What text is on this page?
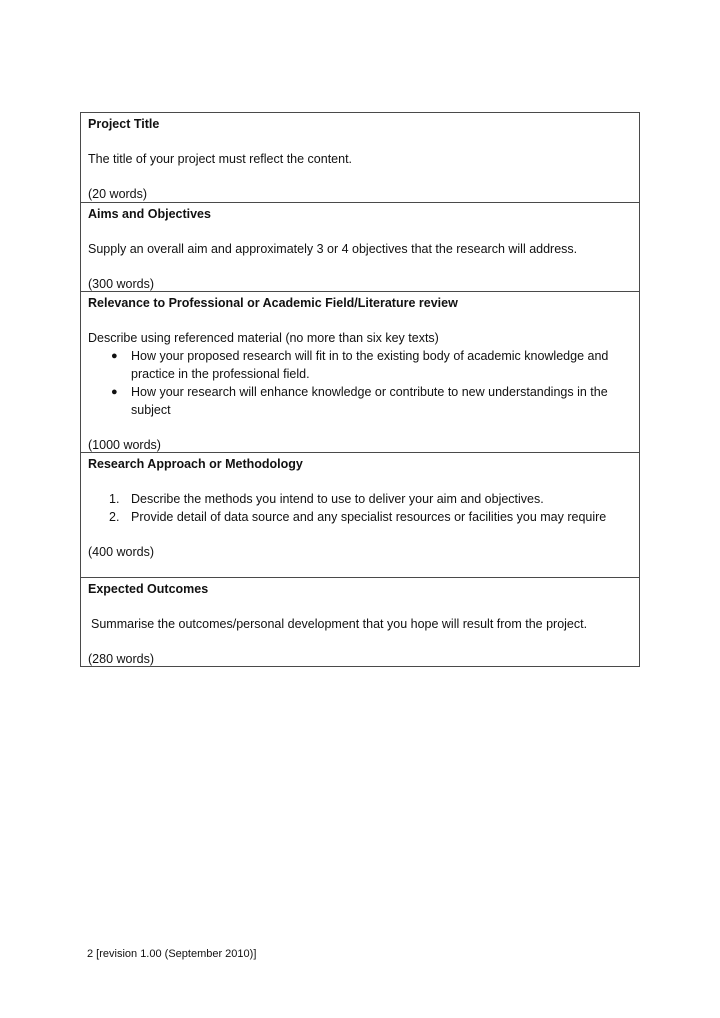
Project Title
The title of your project must reflect the content.
(20 words)
Aims and Objectives
Supply an overall aim and approximately 3 or 4 objectives that the research will address.
(300 words)
Relevance to Professional or Academic Field/Literature review
Describe using referenced material (no more than six key texts)
● How your proposed research will fit in to the existing body of academic knowledge and practice in the professional field.
● How your research will enhance knowledge or contribute to new understandings in the subject
(1000 words)
Research Approach or Methodology
1. Describe the methods you intend to use to deliver your aim and objectives.
2. Provide detail of data source and any specialist resources or facilities you may require
(400 words)
Expected Outcomes
Summarise the outcomes/personal development that you hope will result from the project.
(280 words)
2 [revision 1.00 (September 2010)]
